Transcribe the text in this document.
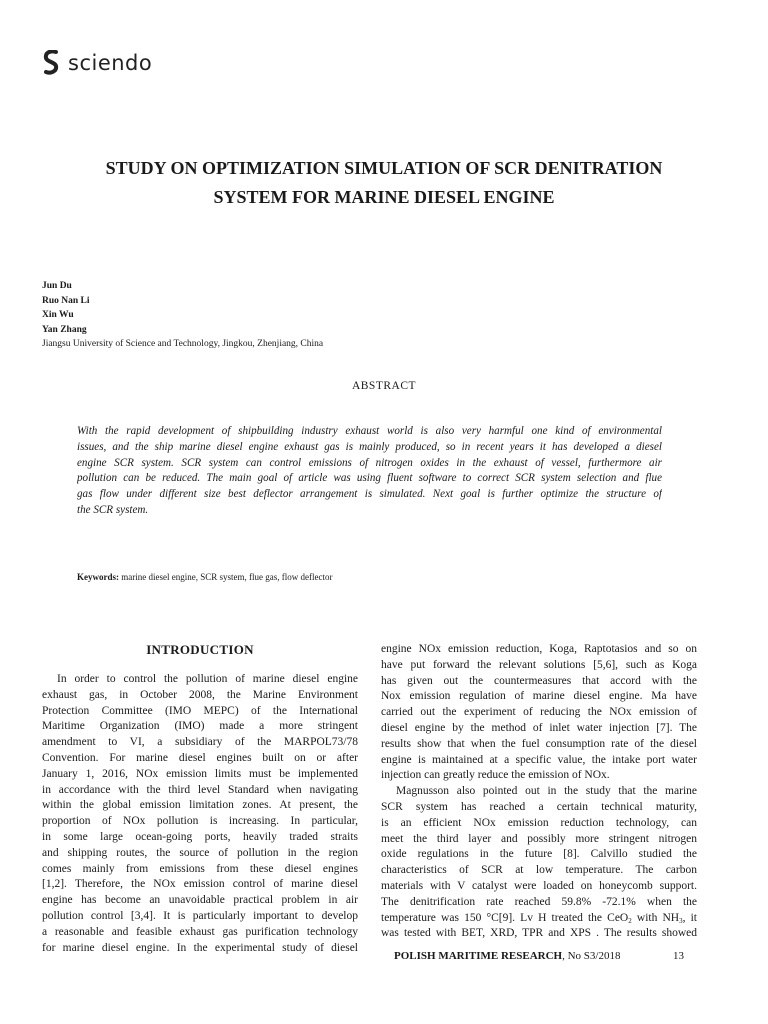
sciendo
STUDY ON OPTIMIZATION SIMULATION OF SCR DENITRATION
SYSTEM FOR MARINE DIESEL ENGINE
Jun Du
Ruo Nan Li
Xin Wu
Yan Zhang
Jiangsu University of Science and Technology, Jingkou, Zhenjiang, China
ABSTRACT
With the rapid development of shipbuilding industry exhaust world is also very harmful one kind of environmental
issues, and the ship marine diesel engine exhaust gas is mainly produced, so in recent years it has developed a diesel
engine SCR system. SCR system can control emissions of nitrogen oxides in the exhaust of vessel, furthermore air
pollution can be reduced. The main goal of article was using fluent software to correct SCR system selection and flue
gas flow under different size best deflector arrangement is simulated. Next goal is further optimize the structure of
the SCR system.
Keywords: marine diesel engine, SCR system, flue gas, flow deflector
INTRODUCTION
In order to control the pollution of marine diesel engine
exhaust gas, in October 2008, the Marine Environment
Protection Committee (IMO MEPC) of the International
Maritime Organization (IMO) made a more stringent
amendment to VI, a subsidiary of the MARPOL73/78
Convention. For marine diesel engines built on or after
January 1, 2016, NOx emission limits must be implemented
in accordance with the third level Standard when navigating
within the global emission limitation zones. At present, the
proportion of NOx pollution is increasing. In particular,
in some large ocean-going ports, heavily traded straits
and shipping routes, the source of pollution in the region
comes mainly from emissions from these diesel engines
[1,2]. Therefore, the NOx emission control of marine diesel
engine has become an unavoidable practical problem in air
pollution control [3,4]. It is particularly important to develop
a reasonable and feasible exhaust gas purification technology
for marine diesel engine. In the experimental study of diesel
engine NOx emission reduction, Koga, Raptotasios and so on
have put forward the relevant solutions [5,6], such as Koga
has given out the countermeasures that accord with the
Nox emission regulation of marine diesel engine. Ma have
carried out the experiment of reducing the NOx emission of
diesel engine by the method of inlet water injection [7]. The
results show that when the fuel consumption rate of the diesel
engine is maintained at a specific value, the intake port water
injection can greatly reduce the emission of NOx.
Magnusson also pointed out in the study that the marine
SCR system has reached a certain technical maturity,
is an efficient NOx emission reduction technology, can
meet the third layer and possibly more stringent nitrogen
oxide regulations in the future [8]. Calvillo studied the
characteristics of SCR at low temperature. The carbon
materials with V catalyst were loaded on honeycomb support.
The denitrification rate reached 59.8% -72.1% when the
temperature was 150 °C[9]. Lv H treated the CeO$_2$ with $NH_3$, it
was tested with BET, XRD, TPR and XPS . The results showed
POLISH MARITIME RESEARCH, No S3/2018	13
